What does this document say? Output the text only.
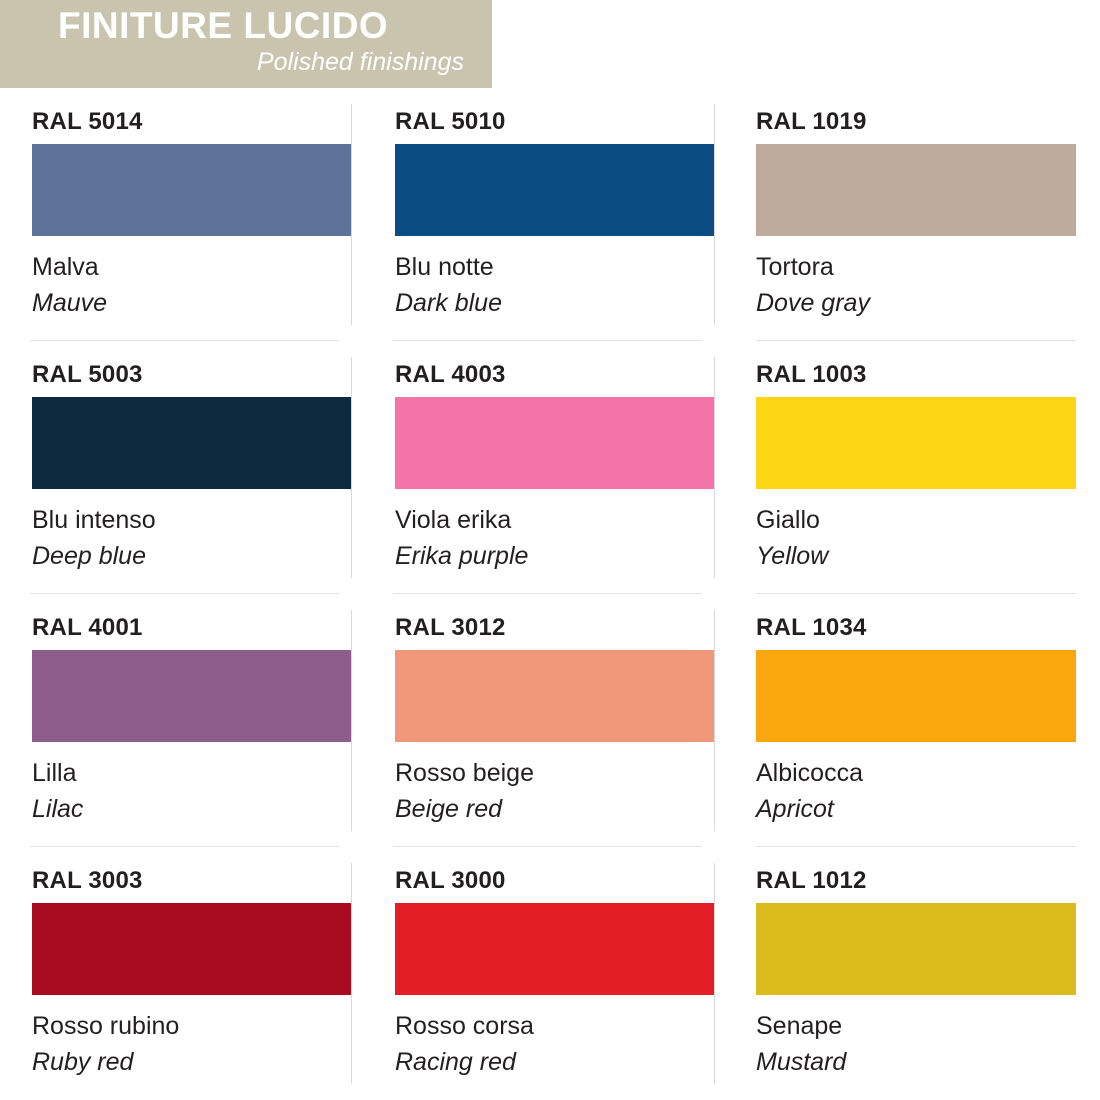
FINITURE LUCIDO
Polished finishings
RAL 5014
Malva
Mauve
RAL 5010
Blu notte
Dark blue
RAL 1019
Tortora
Dove gray
RAL 5003
Blu intenso
Deep blue
RAL 4003
Viola erika
Erika purple
RAL 1003
Giallo
Yellow
RAL 4001
Lilla
Lilac
RAL 3012
Rosso beige
Beige red
RAL 1034
Albicocca
Apricot
RAL 3003
Rosso rubino
Ruby red
RAL 3000
Rosso corsa
Racing red
RAL 1012
Senape
Mustard
